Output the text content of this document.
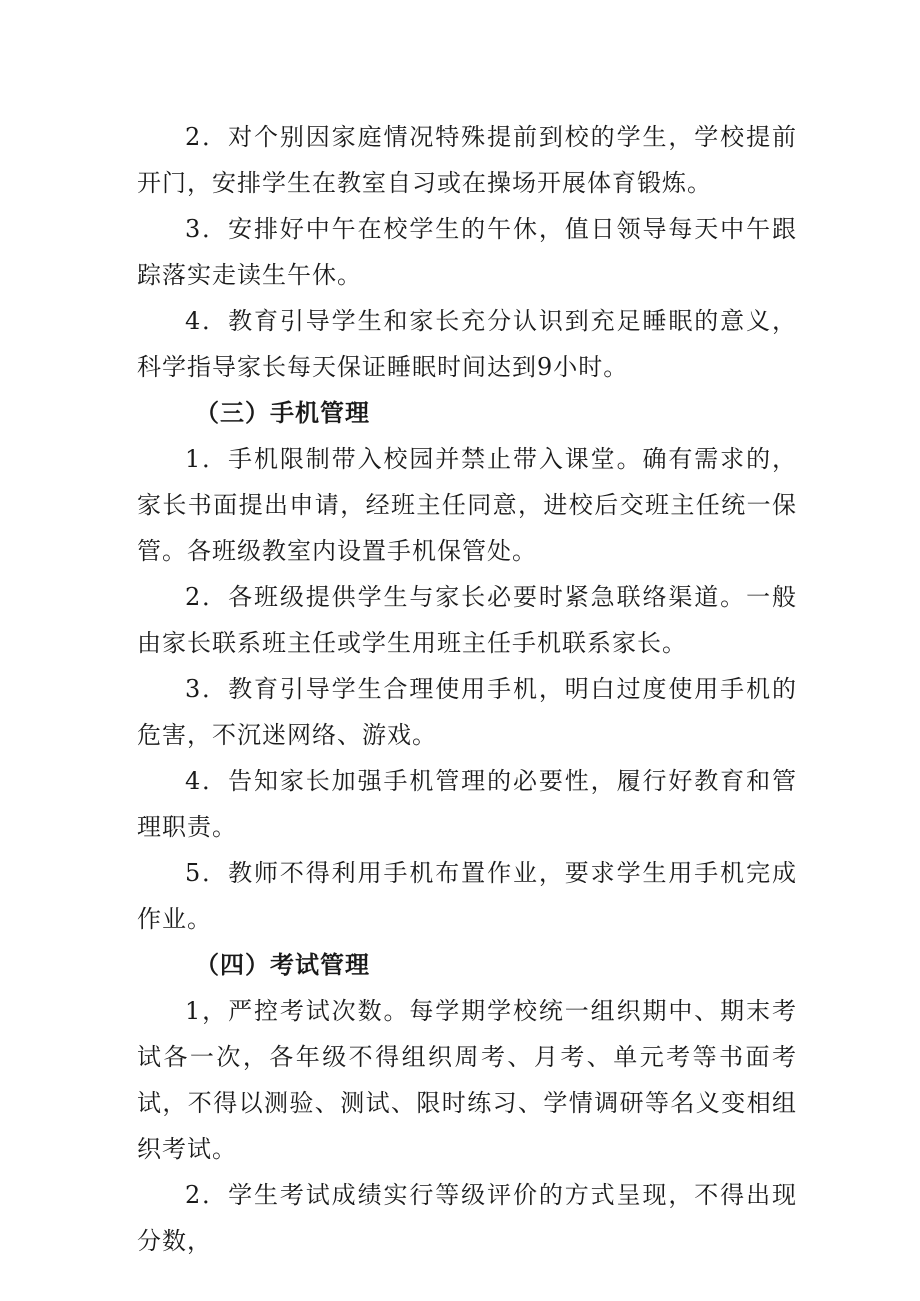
2．对个别因家庭情况特殊提前到校的学生，学校提前开门，安排学生在教室自习或在操场开展体育锻炼。

3．安排好中午在校学生的午休，值日领导每天中午跟踪落实走读生午休。

4．教育引导学生和家长充分认识到充足睡眠的意义，科学指导家长每天保证睡眠时间达到9小时。

（三）手机管理

1．手机限制带入校园并禁止带入课堂。确有需求的，家长书面提出申请，经班主任同意，进校后交班主任统一保管。各班级教室内设置手机保管处。

2．各班级提供学生与家长必要时紧急联络渠道。一般由家长联系班主任或学生用班主任手机联系家长。

3．教育引导学生合理使用手机，明白过度使用手机的危害，不沉迷网络、游戏。

4．告知家长加强手机管理的必要性，履行好教育和管理职责。

5．教师不得利用手机布置作业，要求学生用手机完成作业。

（四）考试管理

1，严控考试次数。每学期学校统一组织期中、期末考试各一次，各年级不得组织周考、月考、单元考等书面考试，不得以测验、测试、限时练习、学情调研等名义变相组织考试。

2．学生考试成绩实行等级评价的方式呈现，不得出现分数，
